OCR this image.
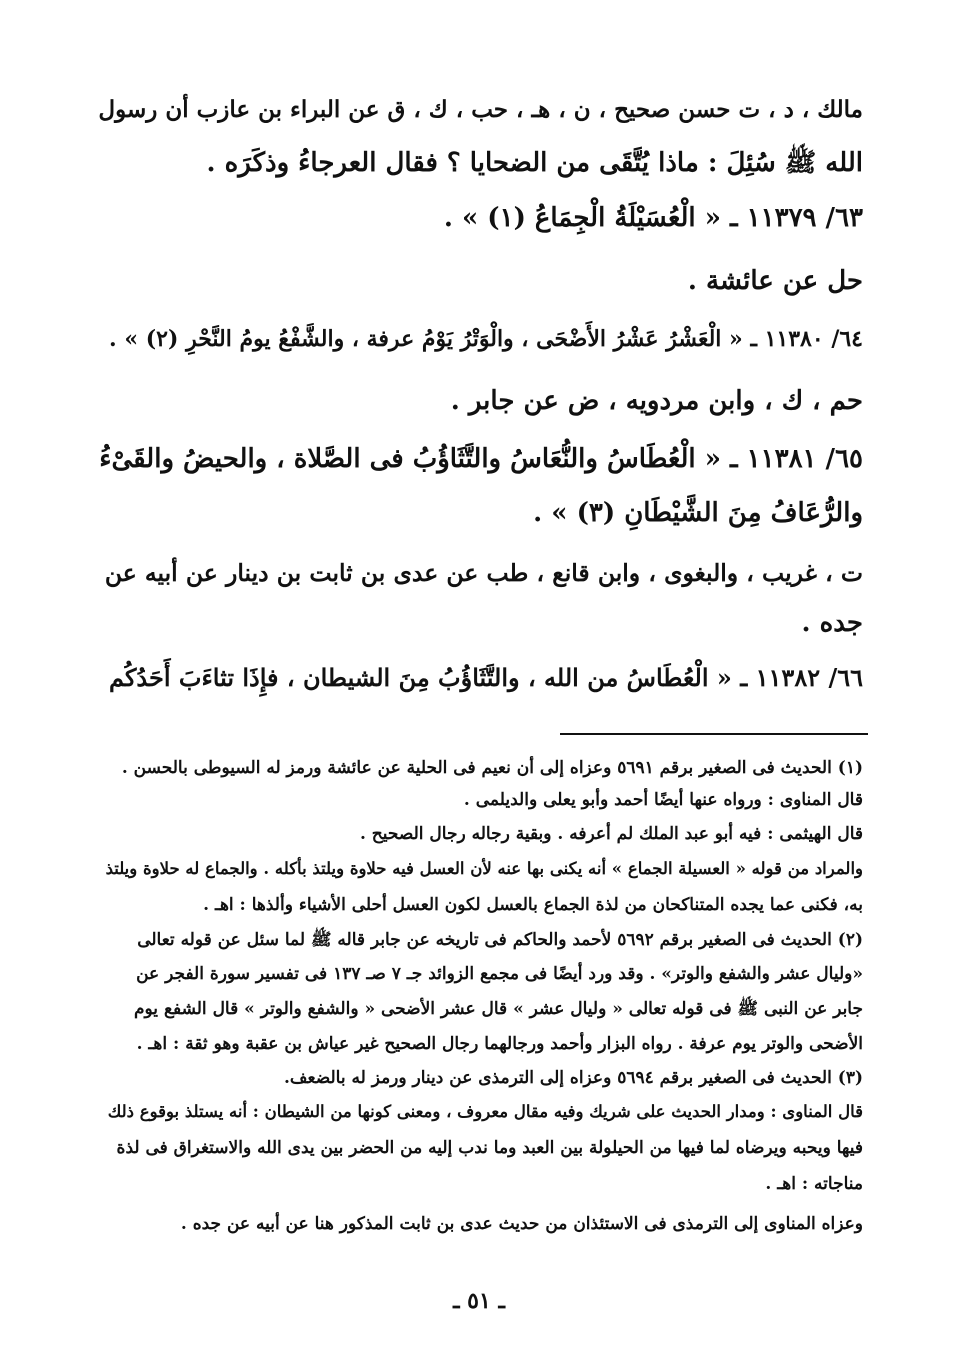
مالك ، د ، ت حسن صحيح ، ن ، هـ ، حب ، ك ، ق عن البراء بن عازب أن رسول
الله ﷺ سُئِلَ : ماذا يُتَّقَى من الضحايا ؟ فقال العرجاءُ وذكَرَه .
٦٣/ ١١٣٧٩ ـ « الْعُسَيْلَةُ الْجِمَاعُ (١) » .
حل عن عائشة .
٦٤/ ١١٣٨٠ ـ « الْعَشْرُ عَشْرُ الأَضْحَى ، والْوَتْرُ يَوْمُ عرفة ، والشَّفْعُ يومُ النَّحْرِ (٢) » .
حم ، ك ، وابن مردويه ، ض عن جابر .
٦٥/ ١١٣٨١ ـ « الْعُطَاسُ والنُّعَاسُ والتَّثَاؤُبُ فى الصَّلاة ، والحيضُ والقَىْءُ
والرُّعَافُ مِنَ الشَّيْطَانِ (٣) » .
ت ، غريب ، والبغوى ، وابن قانع ، طب عن عدى بن ثابت بن دينار عن أبيه عن
جده .
٦٦/ ١١٣٨٢ ـ « الْعُطَاسُ من الله ، والتَّثَاؤُبُ مِنَ الشيطان ، فإِذَا تثاءَبَ أَحَدُكُم
(١) الحديث فى الصغير برقم ٥٦٩١ وعزاه إلى أن نعيم فى الحلية عن عائشة ورمز له السيوطى بالحسن .
قال المناوى : ورواه عنها أيضًا أحمد وأبو يعلى والديلمى .
قال الهيثمى : فيه أبو عبد الملك لم أعرفه . وبقية رجاله رجال الصحيح .
والمراد من قوله « العسيلة الجماع » أنه يكنى بها عنه لأن العسل فيه حلاوة ويلتذ بأكله . والجماع له حلاوة ويلتذ
به، فكنى عما يجده المتناكحان من لذة الجماع بالعسل لكون العسل أحلى الأشياء وألذها : اهـ .
(٢) الحديث فى الصغير برقم ٥٦٩٢ لأحمد والحاكم فى تاريخه عن جابر قاله ﷺ لما سئل عن قوله تعالى
«وليال عشر والشفع والوتر» . وقد ورد أيضًا فى مجمع الزوائد جـ ٧ صـ ١٣٧ فى تفسير سورة الفجر عن
جابر عن النبى ﷺ فى قوله تعالى « وليال عشر » قال عشر الأضحى « والشفع والوتر » قال الشفع يوم
الأضحى والوتر يوم عرفة . رواه البزار وأحمد ورجالهما رجال الصحيح غير عياش بن عقبة وهو ثقة : اهـ .
(٣) الحديث فى الصغير برقم ٥٦٩٤ وعزاه إلى الترمذى عن دينار ورمز له بالضعف.
قال المناوى : ومدار الحديث على شريك وفيه مقال معروف ، ومعنى كونها من الشيطان : أنه يستلذ بوقوع ذلك
فيها ويحبه ويرضاه لما فيها من الحيلولة بين العبد وما ندب إليه من الحضر بين يدى الله والاستغراق فى لذة
مناجاته : اهـ .
وعزاه المناوى إلى الترمذى فى الاستئذان من حديث عدى بن ثابت المذكور هنا عن أبيه عن جده .
ـ ٥١ ـ
